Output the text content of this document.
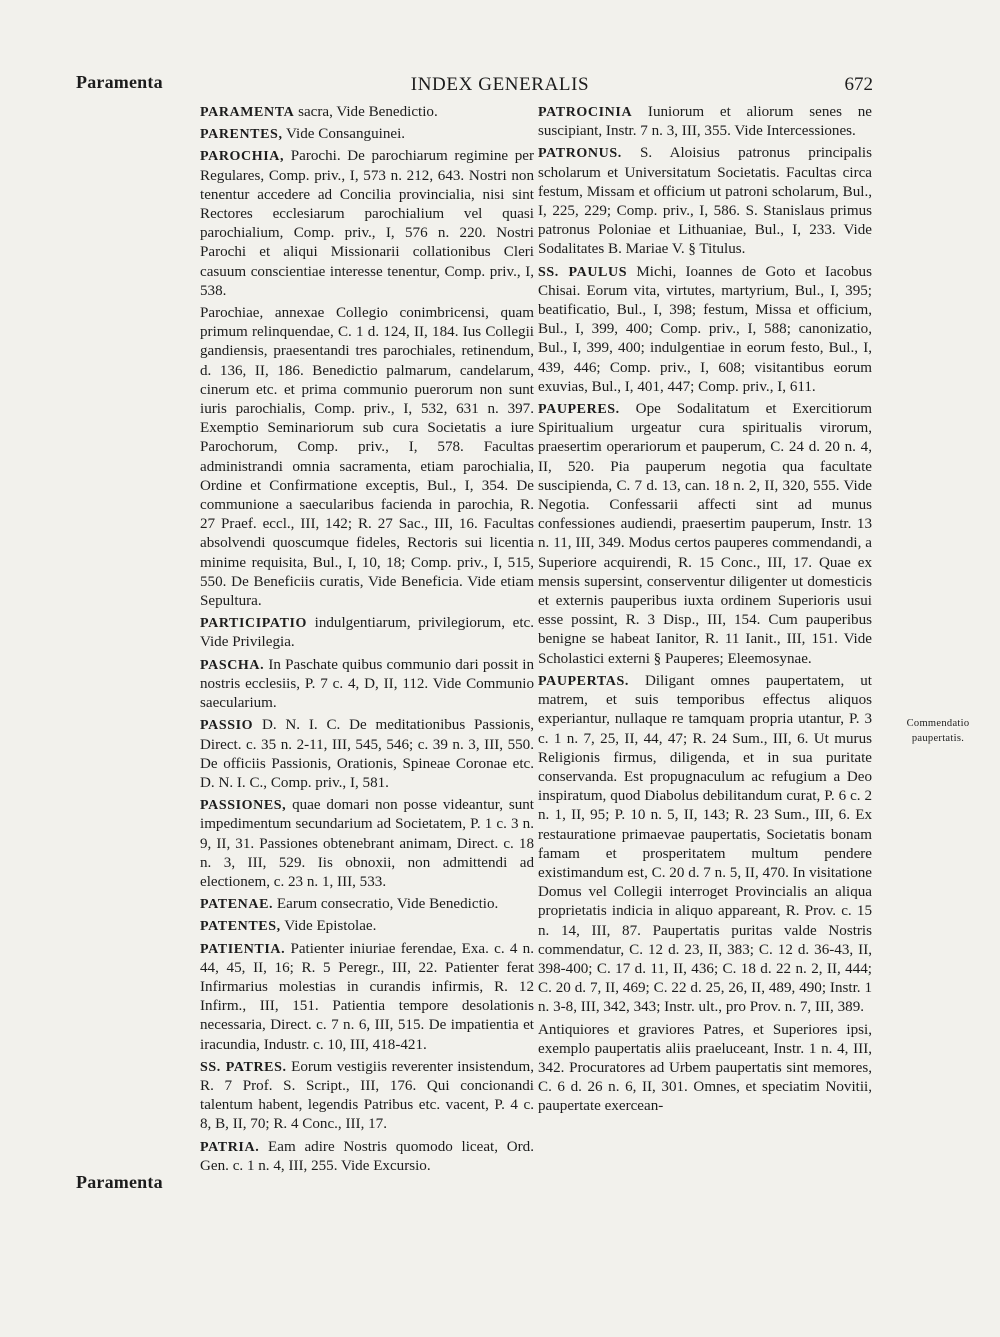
Paramenta	INDEX GENERALIS	672

PARAMENTA sacra, Vide Benedictio.

PARENTES, Vide Consanguinei.

PAROCHIA, Parochi. De parochiarum regimine per Regulares, Comp. priv., I, 573 n. 212, 643. Nostri non tenentur accedere ad Concilia provincialia, nisi sint Rectores ecclesiarum parochialium vel quasi parochialium, Comp. priv., I, 576 n. 220. Nostri Parochi et aliqui Missionarii collationibus Cleri casuum conscientiae interesse tenentur, Comp. priv., I, 538.

Parochiae, annexae Collegio conimbricensi, quam primum relinquendae, C. 1 d. 124, II, 184. Ius Collegii gandiensis, praesentandi tres parochiales, retinendum, d. 136, II, 186. Benedictio palmarum, candelarum, cinerum etc. et prima communio puerorum non sunt iuris parochialis, Comp. priv., I, 532, 631 n. 397. Exemptio Seminariorum sub cura Societatis a iure Parochorum, Comp. priv., I, 578. Facultas administrandi omnia sacramenta, etiam parochialia, Ordine et Confirmatione exceptis, Bul., I, 354. De communione a saecularibus facienda in parochia, R. 27 Praef. eccl., III, 142; R. 27 Sac., III, 16. Facultas absolvendi quoscumque fideles, Rectoris sui licentia minime requisita, Bul., I, 10, 18; Comp. priv., I, 515, 550. De Beneficiis curatis, Vide Beneficia. Vide etiam Sepultura.

PARTICIPATIO indulgentiarum, privilegiorum, etc. Vide Privilegia.

PASCHA. In Paschate quibus communio dari possit in nostris ecclesiis, P. 7 c. 4, D, II, 112. Vide Communio saecularium.

PASSIO D. N. I. C. De meditationibus Passionis, Direct. c. 35 n. 2-11, III, 545, 546; c. 39 n. 3, III, 550. De officiis Passionis, Orationis, Spineae Coronae etc. D. N. I. C., Comp. priv., I, 581.

PASSIONES, quae domari non posse videantur, sunt impedimentum secundarium ad Societatem, P. 1 c. 3 n. 9, II, 31. Passiones obtenebrant animam, Direct. c. 18 n. 3, III, 529. Iis obnoxii, non admittendi ad electionem, c. 23 n. 1, III, 533.

PATENAE. Earum consecratio, Vide Benedictio.

PATENTES, Vide Epistolae.

PATIENTIA. Patienter iniuriae ferendae, Exa. c. 4 n. 44, 45, II, 16; R. 5 Peregr., III, 22. Patienter ferat Infirmarius molestias in curandis infirmis, R. 12 Infirm., III, 151. Patientia tempore desolationis necessaria, Direct. c. 7 n. 6, III, 515. De impatientia et iracundia, Industr. c. 10, III, 418-421.

SS. PATRES. Eorum vestigiis reverenter insistendum, R. 7 Prof. S. Script., III, 176. Qui concionandi talentum habent, legendis Patribus etc. vacent, P. 4 c. 8, B, II, 70; R. 4 Conc., III, 17.

PATRIA. Eam adire Nostris quomodo liceat, Ord. Gen. c. 1 n. 4, III, 255. Vide Excursio.

PATROCINIA Iuniorum et aliorum senes ne suscipiant, Instr. 7 n. 3, III, 355. Vide Intercessiones.

PATRONUS. S. Aloisius patronus principalis scholarum et Universitatum Societatis. Facultas circa festum, Missam et officium ut patroni scholarum, Bul., I, 225, 229; Comp. priv., I, 586. S. Stanislaus primus patronus Poloniae et Lithuaniae, Bul., I, 233. Vide Sodalitates B. Mariae V. § Titulus.

SS. PAULUS Michi, Ioannes de Goto et Iacobus Chisai. Eorum vita, virtutes, martyrium, Bul., I, 395; beatificatio, Bul., I, 398; festum, Missa et officium, Bul., I, 399, 400; Comp. priv., I, 588; canonizatio, Bul., I, 399, 400; indulgentiae in eorum festo, Bul., I, 439, 446; Comp. priv., I, 608; visitantibus eorum exuvias, Bul., I, 401, 447; Comp. priv., I, 611.

PAUPERES. Ope Sodalitatum et Exercitiorum Spiritualium urgeatur cura spiritualis virorum, praesertim operariorum et pauperum, C. 24 d. 20 n. 4, II, 520. Pia pauperum negotia qua facultate suscipienda, C. 7 d. 13, can. 18 n. 2, II, 320, 555. Vide Negotia. Confessarii affecti sint ad munus confessiones audiendi, praesertim pauperum, Instr. 13 n. 11, III, 349. Modus certos pauperes commendandi, a Superiore acquirendi, R. 15 Conc., III, 17. Quae ex mensis supersint, conserventur diligenter ut domesticis et externis pauperibus iuxta ordinem Superioris usui esse possint, R. 3 Disp., III, 154. Cum pauperibus benigne se habeat Ianitor, R. 11 Ianit., III, 151. Vide Scholastici externi § Pauperes; Eleemosynae.

PAUPERTAS. Diligant omnes paupertatem, ut matrem, et suis temporibus effectus aliquos experiantur, nullaque re tamquam propria utantur, P. 3 c. 1 n. 7, 25, II, 44, 47; R. 24 Sum., III, 6. Ut murus Religionis firmus, diligenda, et in sua puritate conservanda. Est propugnaculum ac refugium a Deo inspiratum, quod Diabolus debilitandum curat, P. 6 c. 2 n. 1, II, 95; P. 10 n. 5, II, 143; R. 23 Sum., III, 6. Ex restauratione primaevae paupertatis, Societatis bonam famam et prosperitatem multum pendere existimandum est, C. 20 d. 7 n. 5, II, 470. In visitatione Domus vel Collegii interroget Provincialis an aliqua proprietatis indicia in aliquo appareant, R. Prov. c. 15 n. 14, III, 87. Paupertatis puritas valde Nostris commendatur, C. 12 d. 23, II, 383; C. 12 d. 36-43, II, 398-400; C. 17 d. 11, II, 436; C. 18 d. 22 n. 2, II, 444; C. 20 d. 7, II, 469; C. 22 d. 25, 26, II, 489, 490; Instr. 1 n. 3-8, III, 342, 343; Instr. ult., pro Prov. n. 7, III, 389.

Antiquiores et graviores Patres, et Superiores ipsi, exemplo paupertatis aliis praeluceant, Instr. 1 n. 4, III, 342. Procuratores ad Urbem paupertatis sint memores, C. 6 d. 26 n. 6, II, 301. Omnes, et speciatim Novitii, paupertate exercean-

Commendatio
paupertatis.
Paramenta
